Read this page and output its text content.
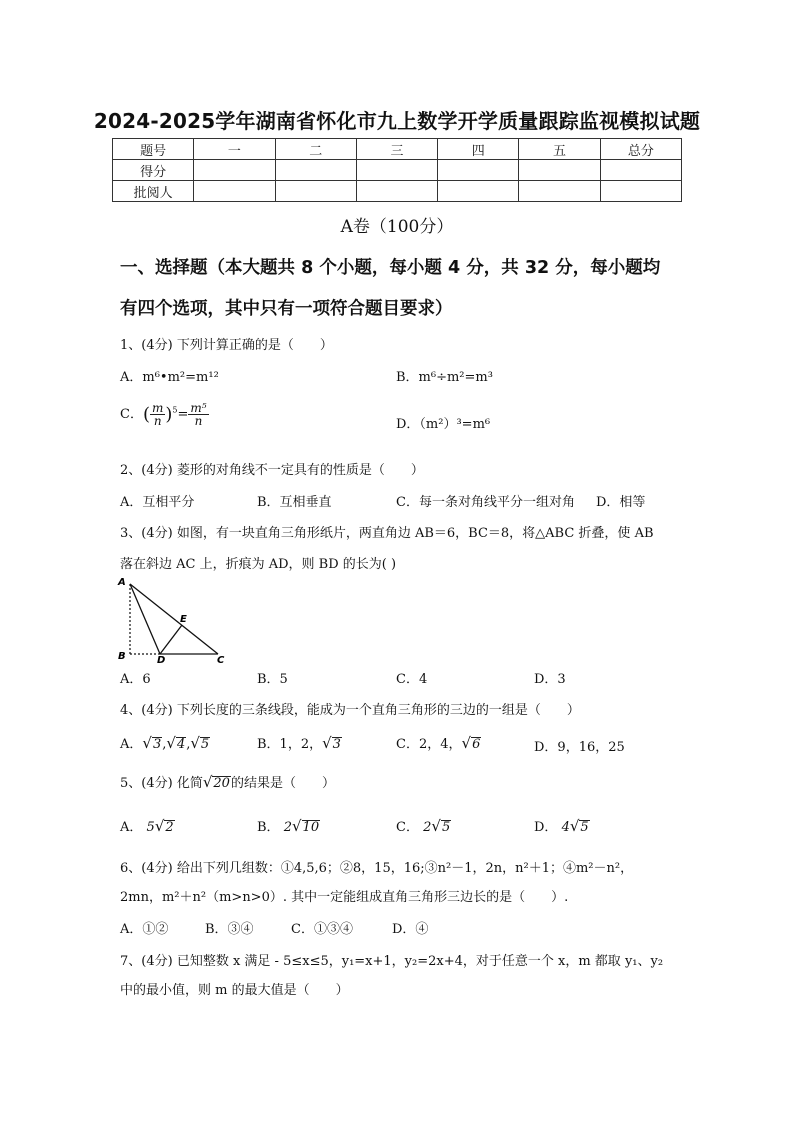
2024-2025学年湖南省怀化市九上数学开学质量跟踪监视模拟试题
题号	一	二	三	四	五	总分
得分						
批阅人						
A卷（100分）
一、选择题（本大题共 8 个小题，每小题 4 分，共 32 分，每小题均
有四个选项，其中只有一项符合题目要求）
1、(4分) 下列计算正确的是（　　）
A．m⁶•m²=m¹²	B．m⁶÷m²=m³
C．( $\frac{m}{n} )^5= \frac{\text{m⁵}}{n}$	D．（m²）³=m⁶
2、(4分) 菱形的对角线不一定具有的性质是（　　）
A．互相平分	B．互相垂直	C．每一条对角线平分一组对角 D．相等
3、(4分) 如图，有一块直角三角形纸片，两直角边 AB＝6，BC＝8，将△ABC 折叠，使 AB
落在斜边 AC 上，折痕为 AD，则 BD 的长为( )
A
B	D	C
E
A．6	B．5	C．4	D．3
4、(4分) 下列长度的三条线段，能成为一个直角三角形的三边的一组是（　　）
A．√3,√4,√5	B．1，2，√3	C．2，4，√6	D．9，16，25
5、(4分) 化简√20的结果是（　　）
A． 5√2	B． 2√10	C． 2√5	D． 4√5
6、(4分) 给出下列几组数：①4,5,6；②8，15，16;③n²－1，2n，n²＋1；④m²－n²，
2mn，m²＋n²（m>n>0）. 其中一定能组成直角三角形三边长的是（　　）.
A．①②	B．③④	C．①③④	D．④
7、(4分) 已知整数 x 满足 - 5≤x≤5，y₁=x+1，y₂=2x+4，对于任意一个 x，m 都取 y₁、y₂
中的最小值，则 m 的最大值是（　　）
